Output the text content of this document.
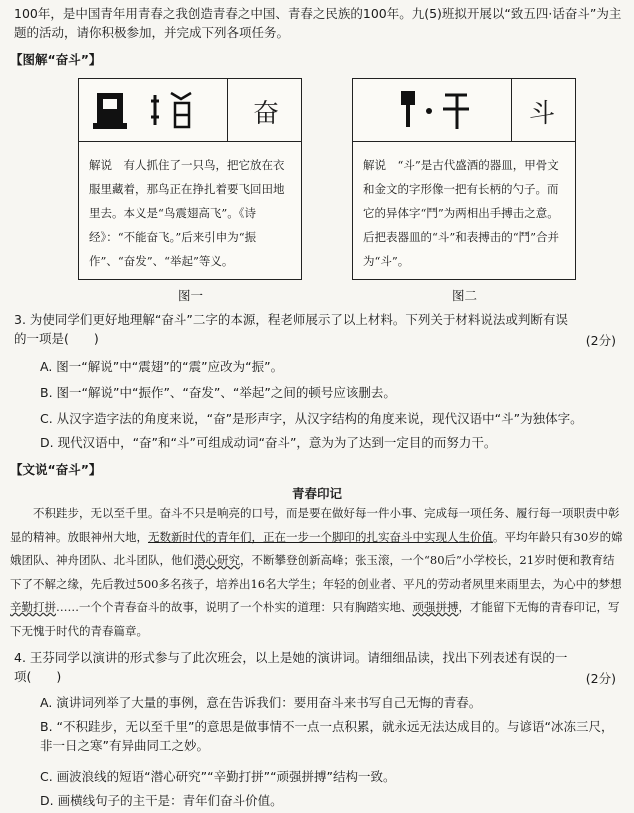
100年，是中国青年用青春之我创造青春之中国、青春之民族的100年。九(5)班拟开展以“致五四·话奋斗”为主题的活动，请你积极参加，并完成下列各项任务。

【图解“奋斗”】
奋
解说　有人抓住了一只鸟，把它放在衣服里藏着，那鸟正在挣扎着要飞回田地里去。本义是“鸟震翅高飞”。《诗经》：“不能奋飞。”后来引申为“振作”、“奋发”、“举起”等义。
图一
斗
解说　“斗”是古代盛酒的器皿，甲骨文和金文的字形像一把有长柄的勺子。而它的异体字“鬥”为两相出手搏击之意。后把表器皿的“斗”和表搏击的“鬥”合并为“斗”。
图二

3. 为使同学们更好地理解“奋斗”二字的本源，程老师展示了以上材料。下列关于材料说法或判断有误的一项是(　　)	(2分)
A. 图一“解说”中“震翅”的“震”应改为“振”。
B. 图一“解说”中“振作”、“奋发”、“举起”之间的顿号应该删去。
C. 从汉字造字法的角度来说，“奋”是形声字，从汉字结构的角度来说，现代汉语中“斗”为独体字。
D. 现代汉语中，“奋”和“斗”可组成动词“奋斗”，意为为了达到一定目的而努力干。
【文说“奋斗”】
青春印记
不积跬步，无以至千里。奋斗不只是响亮的口号，而是要在做好每一件小事、完成每一项任务、履行每一项职责中彰显的精神。放眼神州大地，无数新时代的青年们，正在一步一个脚印的扎实奋斗中实现人生价值。平均年龄只有30岁的嫦娥团队、神舟团队、北斗团队，他们潜心研究，不断攀登创新高峰；张玉滚，一个“80后”小学校长，21岁时便和教育结下了不解之缘，先后教过500多名孩子，培养出16名大学生；年轻的创业者、平凡的劳动者夙里来雨里去，为心中的梦想辛勤打拼……一个个青春奋斗的故事，说明了一个朴实的道理：只有胸踏实地、顽强拼搏，才能留下无悔的青春印记，写下无愧于时代的青春篇章。

4. 王芬同学以演讲的形式参与了此次班会，以上是她的演讲词。请细细品读，找出下列表述有误的一项(　　)	(2分)
A. 演讲词列举了大量的事例，意在告诉我们：要用奋斗来书写自己无悔的青春。
B. “不积跬步，无以至千里”的意思是做事情不一点一点积累，就永远无法达成目的。与谚语“冰冻三尺，非一日之寒”有异曲同工之妙。
C. 画波浪线的短语“潜心研究”“辛勤打拼”“顽强拼搏”结构一致。
D. 画横线句子的主干是：青年们奋斗价值。
